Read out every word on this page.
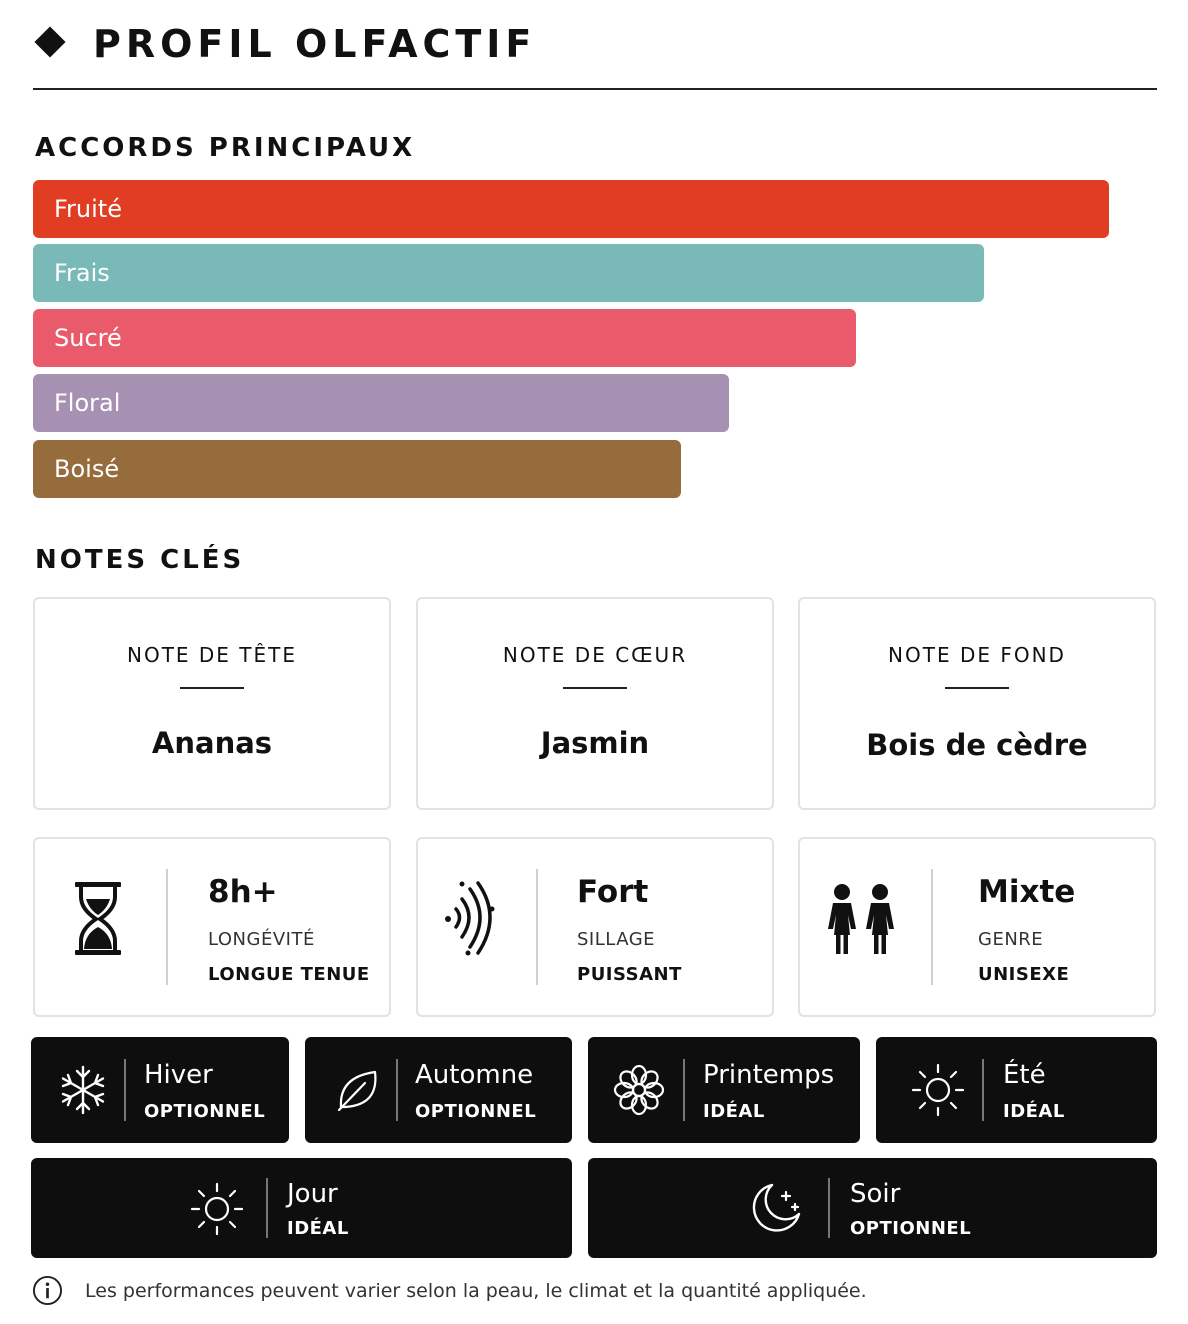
PROFIL OLFACTIF
ACCORDS PRINCIPAUX
Fruité
Frais
Sucré
Floral
Boisé
NOTES CLÉS
NOTE DE TÊTE
Ananas
NOTE DE CŒUR
Jasmin
NOTE DE FOND
Bois de cèdre
8h+
LONGÉVITÉ
LONGUE TENUE
Fort
SILLAGE
PUISSANT
Mixte
GENRE
UNISEXE
Hiver
OPTIONNEL
Automne
OPTIONNEL
Printemps
IDÉAL
Été
IDÉAL
Jour
IDÉAL
Soir
OPTIONNEL
Les performances peuvent varier selon la peau, le climat et la quantité appliquée.
